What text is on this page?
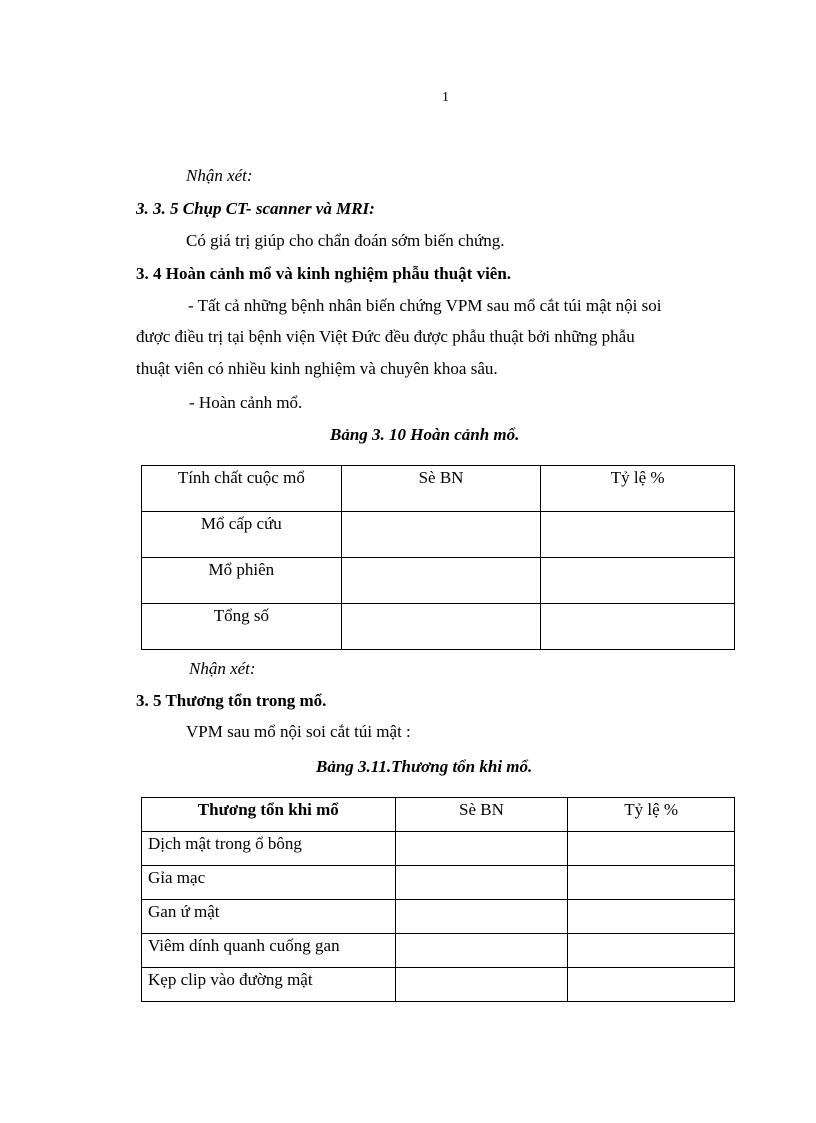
1
Nhận xét:
3. 3. 5 Chụp CT- scanner và MRI:
Có giá trị giúp cho chẩn đoán sớm biến chứng.
3. 4 Hoàn cảnh mổ và kinh nghiệm phẫu thuật viên.
- Tất cả những bệnh nhân biến chứng VPM sau mổ cắt túi mật nội soi
được điều trị tại bệnh viện Việt Đức đều được phẫu thuật bởi những phẫu
thuật viên có nhiều kinh nghiệm và chuyên khoa sâu.
- Hoàn cảnh mổ.
Bảng 3. 10 Hoàn cảnh mổ.
Tính chất cuộc mổ	Sè BN	Tỷ lệ %
Mổ cấp cứu		
Mổ phiên		
Tổng số		
Nhận xét:
3. 5 Thương tổn trong mổ.
VPM sau mổ nội soi cắt túi mật :
Bảng 3.11.Thương tổn khi mổ.
Thương tổn khi mổ	Sè BN	Tỷ lệ %
Dịch mật trong ổ bông		
Gỉa mạc		
Gan ứ mật		
Viêm dính quanh cuống gan		
Kẹp clip vào đường mật		
